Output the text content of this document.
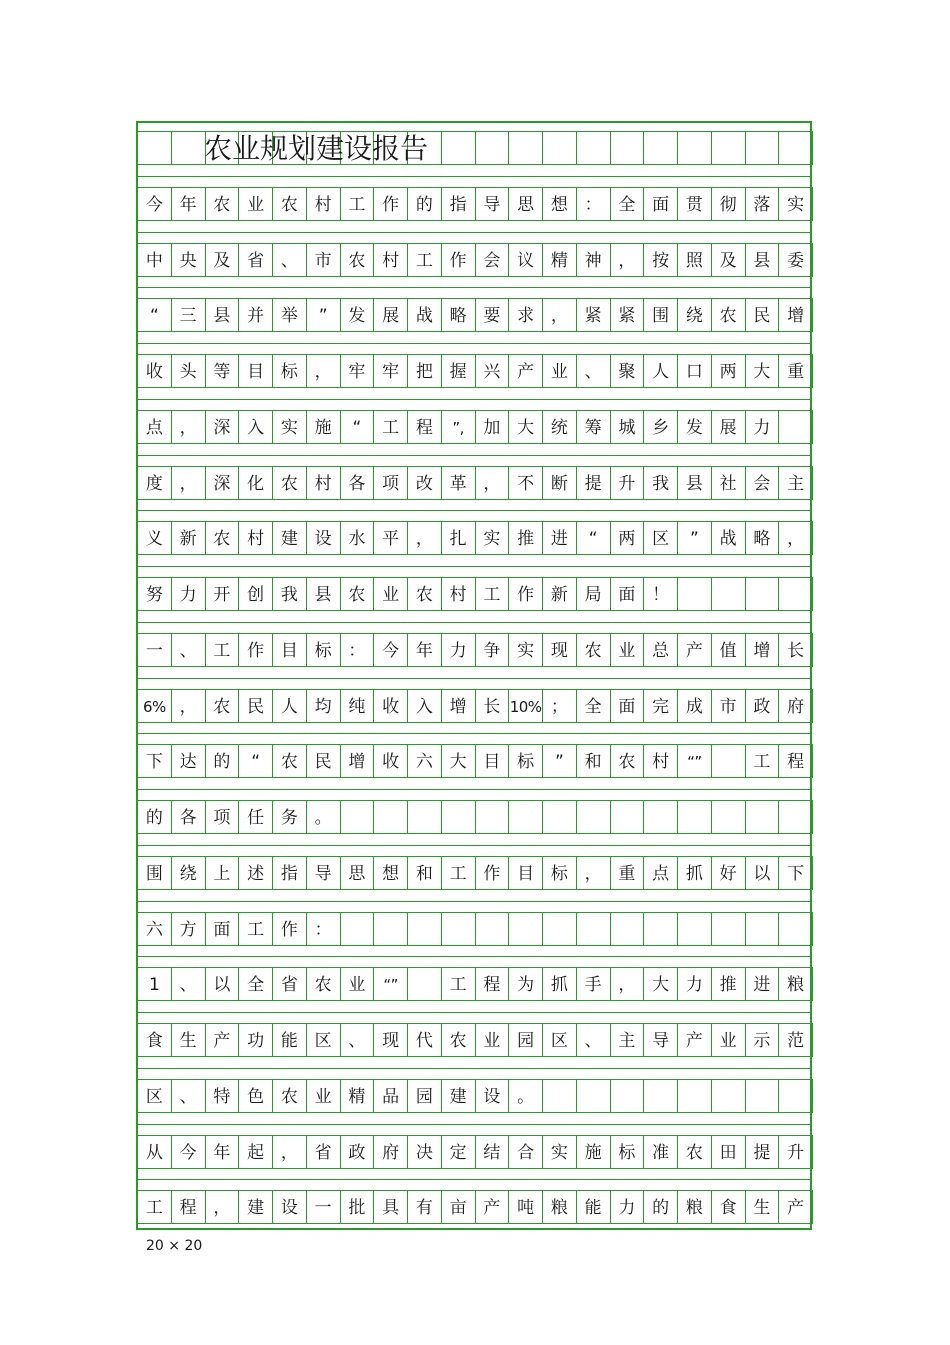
今 年 农 业 农 村 工 作 的 指 导 思 想 ： 全 面 贯 彻 落 实
中 央 及 省 、 市 农 村 工 作 会 议 精 神 ， 按 照 及 县 委
“	三 县 并 举	”	发 展 战 略 要 求 ， 紧 紧 围 绕 农 民 增
收 头 等 目 标 ， 牢 牢 把 握 兴 产 业 、 聚 人 口 两 大 重
点 ， 深 入 实 施	“	工 程	”,	加 大 统 筹 城 乡 发 展 力
度 ， 深 化 农 村 各 项 改 革 ， 不 断 提 升 我 县 社 会 主
义 新 农 村 建 设 水 平 ， 扎 实 推 进	“	两 区	”	战 略 ，
努 力 开 创 我 县 农 业 农 村 工 作 新 局 面 ！
一 、 工 作 目 标 ： 今 年 力 争 实 现 农 业 总 产 值 增 长
6% ， 农 民 人 均 纯 收 入 增 长 10% ； 全 面 完 成 市 政 府
下 达 的	“	农 民 增 收 六 大 目 标	”	和 农 村	“”	工 程
的 各 项 任 务 。
围 绕 上 述 指 导 思 想 和 工 作 目 标 ， 重 点 抓 好 以 下
六 方 面 工 作 ：
1	、 以 全 省 农 业	“”	工 程 为 抓 手 ， 大 力 推 进 粮
食 生 产 功 能 区 、 现 代 农 业 园 区 、 主 导 产 业 示 范
区 、 特 色 农 业 精 品 园 建 设 。
从 今 年 起 ， 省 政 府 决 定 结 合 实 施 标 准 农 田 提 升
工 程 ， 建 设 一 批 具 有 亩 产 吨 粮 能 力 的 粮 食 生 产
农业规划建设报告
20 × 20
